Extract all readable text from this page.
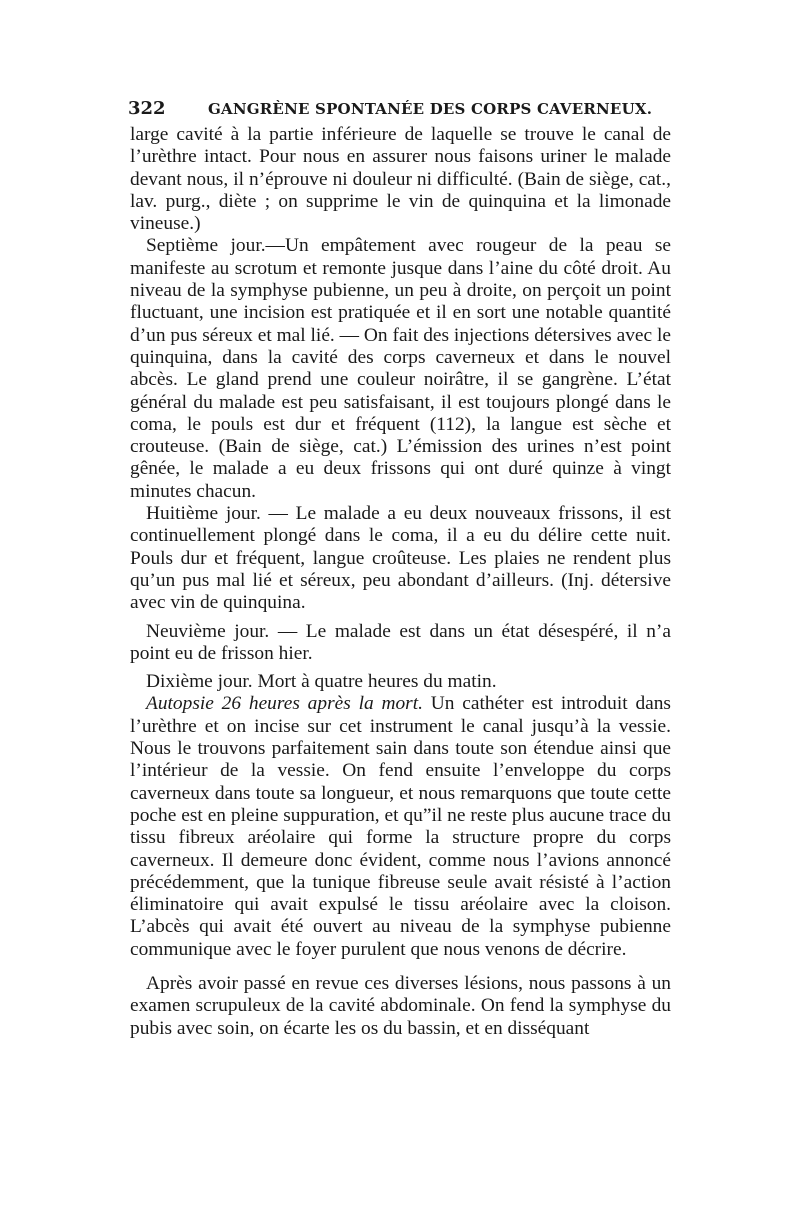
322	GANGRÈNE SPONTANÉE DES CORPS CAVERNEUX.

large cavité à la partie inférieure de laquelle se trouve le canal de l’urèthre intact. Pour nous en assurer nous faisons uriner le malade devant nous, il n’éprouve ni douleur ni difficulté. (Bain de siège, cat., lav. purg., diète ; on supprime le vin de quinquina et la limonade vineuse.)

Septième jour.—Un empâtement avec rougeur de la peau se manifeste au scrotum et remonte jusque dans l’aine du côté droit. Au niveau de la symphyse pubienne, un peu à droite, on perçoit un point fluctuant, une incision est pratiquée et il en sort une notable quantité d’un pus séreux et mal lié. — On fait des injections détersives avec le quinquina, dans la cavité des corps caverneux et dans le nouvel abcès. Le gland prend une couleur noirâtre, il se gangrène. L’état général du malade est peu satisfaisant, il est toujours plongé dans le coma, le pouls est dur et fréquent (112), la langue est sèche et crouteuse. (Bain de siège, cat.) L’émission des urines n’est point gênée, le malade a eu deux frissons qui ont duré quinze à vingt minutes chacun.

Huitième jour. — Le malade a eu deux nouveaux frissons, il est continuellement plongé dans le coma, il a eu du délire cette nuit. Pouls dur et fréquent, langue croûteuse. Les plaies ne rendent plus qu’un pus mal lié et séreux, peu abondant d’ailleurs. (Inj. détersive avec vin de quinquina.

Neuvième jour. — Le malade est dans un état désespéré, il n’a point eu de frisson hier.

Dixième jour. Mort à quatre heures du matin.

Autopsie 26 heures après la mort. Un cathéter est introduit dans l’urèthre et on incise sur cet instrument le canal jusqu’à la vessie. Nous le trouvons parfaitement sain dans toute son étendue ainsi que l’intérieur de la vessie. On fend ensuite l’enveloppe du corps caverneux dans toute sa longueur, et nous remarquons que toute cette poche est en pleine suppuration, et qu”il ne reste plus aucune trace du tissu fibreux aréolaire qui forme la structure propre du corps caverneux. Il demeure donc évident, comme nous l’avions annoncé précédemment, que la tunique fibreuse seule avait résisté à l’action éliminatoire qui avait expulsé le tissu aréolaire avec la cloison. L’abcès qui avait été ouvert au niveau de la symphyse pubienne communique avec le foyer purulent que nous venons de décrire.

Après avoir passé en revue ces diverses lésions, nous passons à un examen scrupuleux de la cavité abdominale. On fend la symphyse du pubis avec soin, on écarte les os du bassin, et en disséquant
